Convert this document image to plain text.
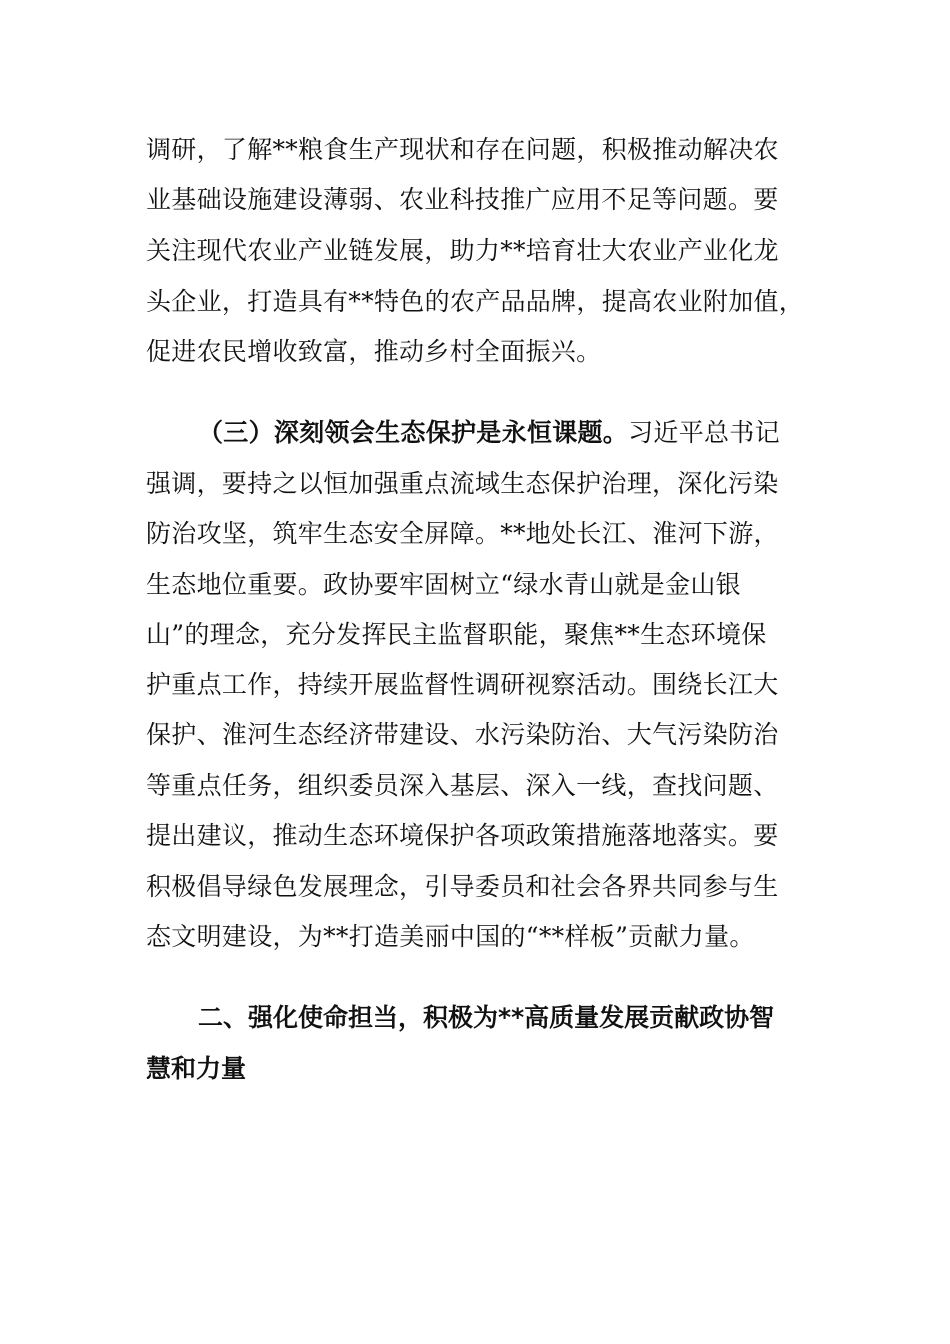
调研，了解**粮食生产现状和存在问题，积极推动解决农
业基础设施建设薄弱、农业科技推广应用不足等问题。要
关注现代农业产业链发展，助力**培育壮大农业产业化龙
头企业，打造具有**特色的农产品品牌，提高农业附加值，
促进农民增收致富，推动乡村全面振兴。
（三）深刻领会生态保护是永恒课题。习近平总书记
强调，要持之以恒加强重点流域生态保护治理，深化污染
防治攻坚，筑牢生态安全屏障。**地处长江、淮河下游，
生态地位重要。政协要牢固树立“绿水青山就是金山银
山”的理念，充分发挥民主监督职能，聚焦**生态环境保
护重点工作，持续开展监督性调研视察活动。围绕长江大
保护、淮河生态经济带建设、水污染防治、大气污染防治
等重点任务，组织委员深入基层、深入一线，查找问题、
提出建议，推动生态环境保护各项政策措施落地落实。要
积极倡导绿色发展理念，引导委员和社会各界共同参与生
态文明建设，为**打造美丽中国的“**样板”贡献力量。
二、强化使命担当，积极为**高质量发展贡献政协智
慧和力量
